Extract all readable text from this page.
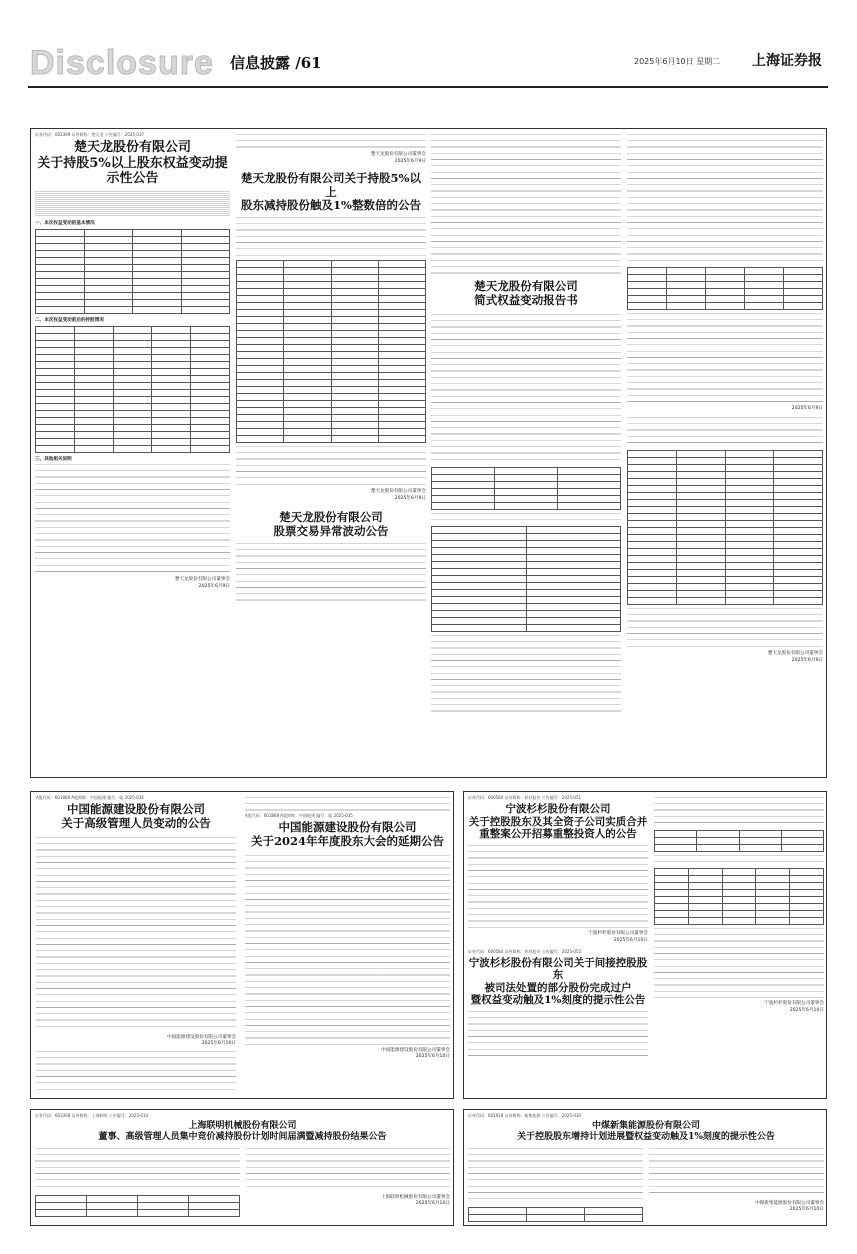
Disclosure 信息披露 /61	2025年6月10日 星期二 上海证券报
证券代码：002399 证券简称：楚天龙 公告编号：2025-037
楚天龙股份有限公司
关于持股5%以上股东权益变动提示性公告
一、本次权益变动的基本情况

二、本次权益变动前后的持股情况

三、其他相关说明
楚天龙股份有限公司董事会
2025年6月9日
楚天龙股份有限公司董事会
2025年6月9日
楚天龙股份有限公司关于持股5%以上
股东减持股份触及1%整数倍的公告

楚天龙股份有限公司董事会
2025年6月9日
楚天龙股份有限公司
股票交易异常波动公告
楚天龙股份有限公司
简式权益变动报告书

2025年6月9日

楚天龙股份有限公司董事会
2025年6月9日
A股代码：601868 A股简称：中国能建 编号：临 2025-034
中国能源建设股份有限公司
关于高级管理人员变动的公告
中国能源建设股份有限公司董事会
2025年6月10日
A股代码：601868 A股简称：中国能建 编号：临 2025-035
中国能源建设股份有限公司
关于2024年年度股东大会的延期公告
中国能源建设股份有限公司董事会
2025年6月10日
证券代码：600584 证券简称：杉杉股份 公告编号：2025-051
宁波杉杉股份有限公司
关于控股股东及其全资子公司实质合并
重整案公开招募重整投资人的公告
宁波杉杉股份有限公司董事会
2025年6月10日
证券代码：600584 证券简称：杉杉股份 公告编号：2025-052
宁波杉杉股份有限公司关于间接控股股东
被司法处置的部分股份完成过户
暨权益变动触及1%刻度的提示性公告

					宁波杉杉股份有限公司董事会
2025年6月10日
证券代码：603308 证券简称：上海联明 公告编号：2025-014
上海联明机械股份有限公司
董事、高级管理人员集中竞价减持股份计划时间届满暨减持股份结果公告

上海联明机械股份有限公司董事会
2025年6月10日
证券代码：601918 证券简称：新集能源 公告编号：2025-030
中煤新集能源股份有限公司
关于控股股东增持计划进展暨权益变动触及1%刻度的提示性公告

中煤新集能源股份有限公司董事会
2025年6月10日
